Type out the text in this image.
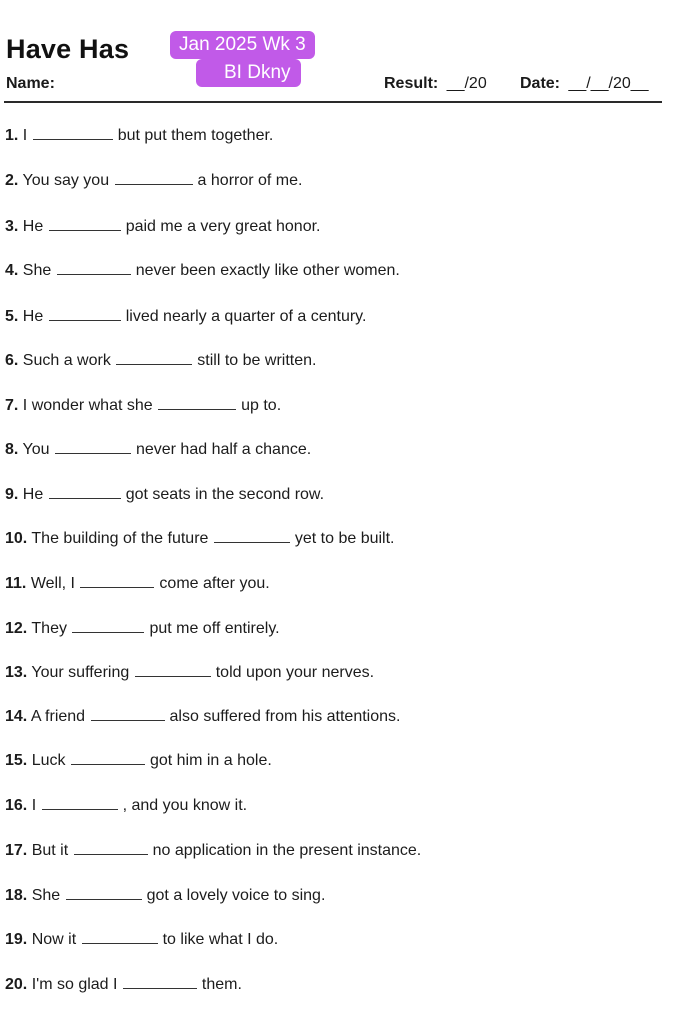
Have Has	Jan 2025 Wk 3
BI Dkny
Name:	Result: __/20 Date: __/__/20__
1. I	but put them together.
2. You say you	a horror of me.
3. He	paid me a very great honor.
4. She	never been exactly like other women.
5. He	lived nearly a quarter of a century.
6. Such a work	still to be written.
7. I wonder what she	up to.
8. You	never had half a chance.
9. He	got seats in the second row.
10. The building of the future	yet to be built.
11. Well, I	come after you.
12. They	put me off entirely.
13. Your suffering	told upon your nerves.
14. A friend	also suffered from his attentions.
15. Luck	got him in a hole.
16. I	, and you know it.
17. But it	no application in the present instance.
18. She	got a lovely voice to sing.
19. Now it	to like what I do.
20. I'm so glad I	them.
